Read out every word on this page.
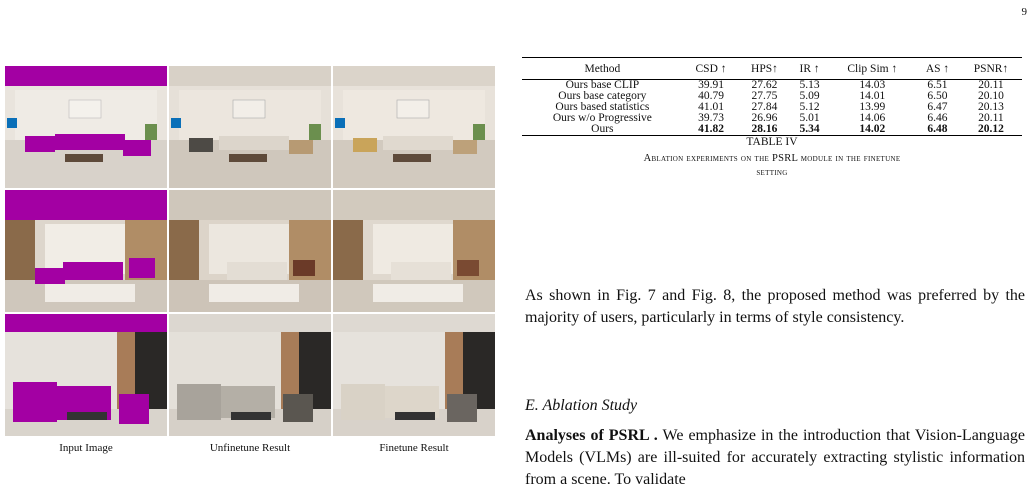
9
Input Image	Unfinetune Result	Finetune Result
Method	CSD ↑	HPS↑	IR ↑	Clip Sim ↑	AS ↑	PSNR↑
Ours base CLIP	39.91	27.62	5.13	14.03	6.51	20.11
Ours base category	40.79	27.75	5.09	14.01	6.50	20.10
Ours based statistics	41.01	27.84	5.12	13.99	6.47	20.13
Ours w/o Progressive	39.73	26.96	5.01	14.06	6.46	20.11
Ours	41.82	28.16	5.34	14.02	6.48	20.12
TABLE IV
Ablation experiments on the PSRL module in the finetune
setting
As shown in Fig. 7 and Fig. 8, the proposed method was preferred by the majority of users, particularly in terms of style consistency.
E. Ablation Study
Analyses of PSRL . We emphasize in the introduction that Vision-Language Models (VLMs) are ill-suited for accurately extracting stylistic information from a scene. To validate
